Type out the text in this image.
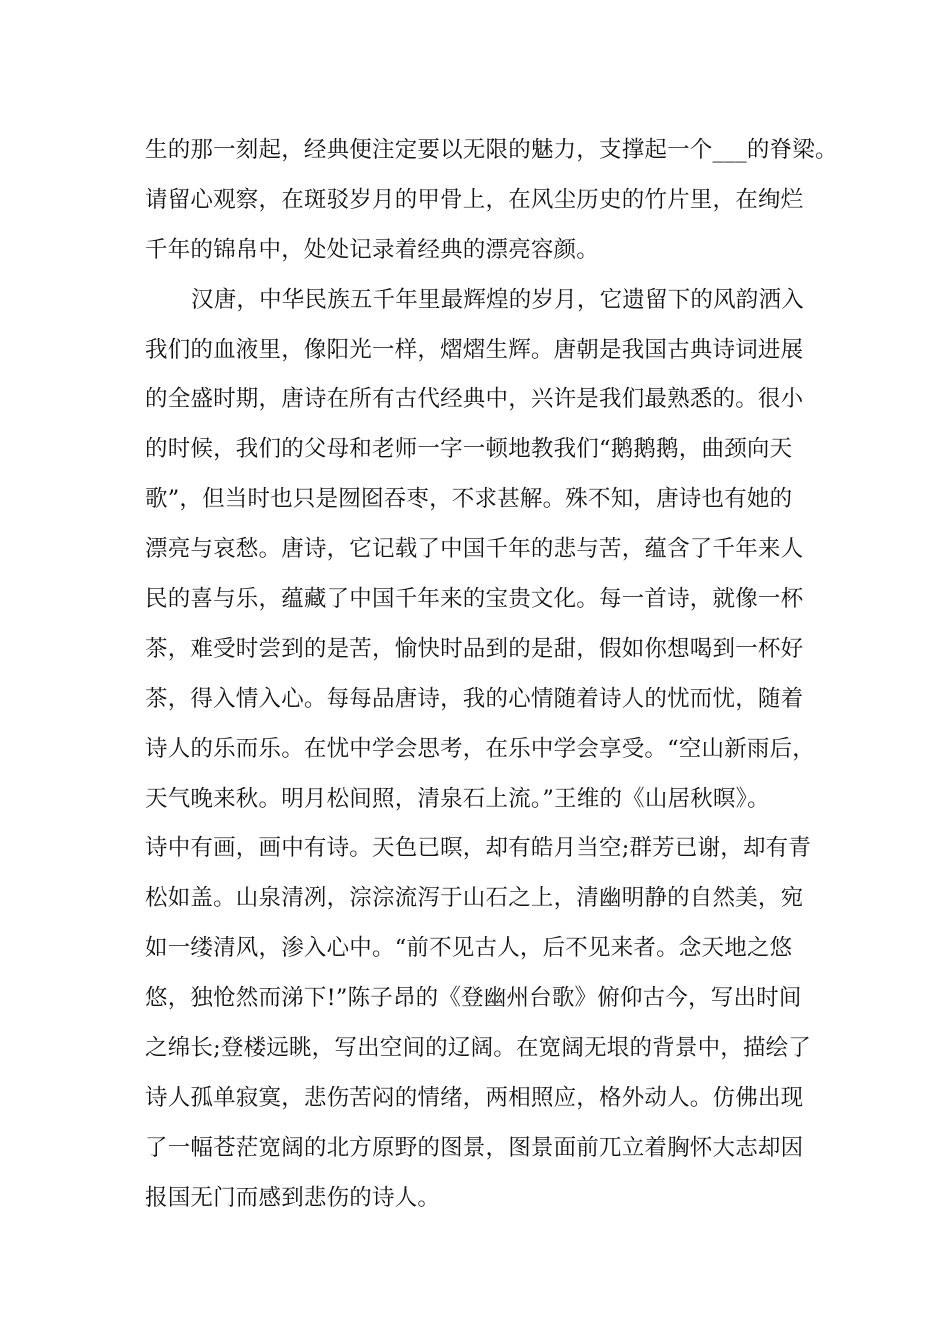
生的那一刻起，经典便注定要以无限的魅力，支撑起一个___的脊梁。
请留心观察，在斑驳岁月的甲骨上，在风尘历史的竹片里，在绚烂
千年的锦帛中，处处记录着经典的漂亮容颜。
汉唐，中华民族五千年里最辉煌的岁月，它遗留下的风韵洒入
我们的血液里，像阳光一样，熠熠生辉。唐朝是我国古典诗词进展
的全盛时期，唐诗在所有古代经典中，兴许是我们最熟悉的。很小
的时候，我们的父母和老师一字一顿地教我们“鹅鹅鹅，曲颈向天
歌”，但当时也只是囫囵吞枣，不求甚解。殊不知，唐诗也有她的
漂亮与哀愁。唐诗，它记载了中国千年的悲与苦，蕴含了千年来人
民的喜与乐，蕴藏了中国千年来的宝贵文化。每一首诗，就像一杯
茶，难受时尝到的是苦，愉快时品到的是甜，假如你想喝到一杯好
茶，得入情入心。每每品唐诗，我的心情随着诗人的忧而忧，随着
诗人的乐而乐。在忧中学会思考，在乐中学会享受。“空山新雨后，
天气晚来秋。明月松间照，清泉石上流。”王维的《山居秋暝》。
诗中有画，画中有诗。天色已暝，却有皓月当空;群芳已谢，却有青
松如盖。山泉清冽，淙淙流泻于山石之上，清幽明静的自然美，宛
如一缕清风，渗入心中。“前不见古人，后不见来者。念天地之悠
悠，独怆然而涕下!”陈子昂的《登幽州台歌》俯仰古今，写出时间
之绵长;登楼远眺，写出空间的辽阔。在宽阔无垠的背景中，描绘了
诗人孤单寂寞，悲伤苦闷的情绪，两相照应，格外动人。仿佛出现
了一幅苍茫宽阔的北方原野的图景，图景面前兀立着胸怀大志却因
报国无门而感到悲伤的诗人。
